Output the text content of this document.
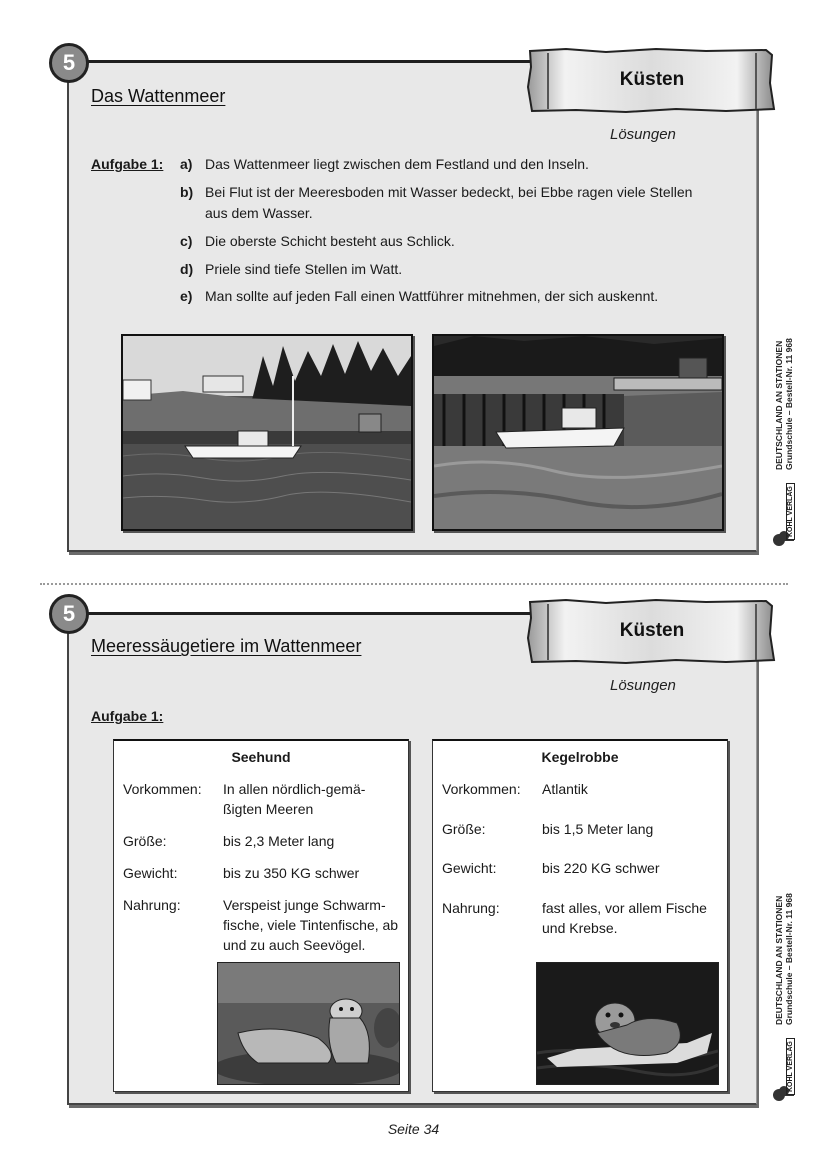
5
Küsten
Das Wattenmeer
Lösungen
Aufgabe 1: a) Das Wattenmeer liegt zwischen dem Festland und den Inseln.
b) Bei Flut ist der Meeresboden mit Wasser bedeckt, bei Ebbe ragen viele Stellen aus dem Wasser.
c) Die oberste Schicht besteht aus Schlick.
d) Priele sind tiefe Stellen im Watt.
e) Man sollte auf jeden Fall einen Wattführer mitnehmen, der sich auskennt.
DEUTSCHLAND AN STATIONEN Grundschule – Bestell-Nr. 11 968
KOHL VERLAG
5
Küsten
Meeressäugetiere im Wattenmeer
Lösungen
Aufgabe 1:
Seehund
Vorkommen: In allen nördlich-gemä-ßigten Meeren
Größe:	bis 2,3 Meter lang
Gewicht:	bis zu 350 KG schwer
Nahrung:	Verspeist junge Schwarm-fische, viele Tintenfische, ab und zu auch Seevögel.
Kegelrobbe
Vorkommen: Atlantik
Größe:	bis 1,5 Meter lang
Gewicht:	bis 220 KG schwer
Nahrung:	fast alles, vor allem Fische und Krebse.	DEUTSCHLAND AN STATIONEN Grundschule – Bestell-Nr. 11 968
KOHL VERLAG
Seite 34
